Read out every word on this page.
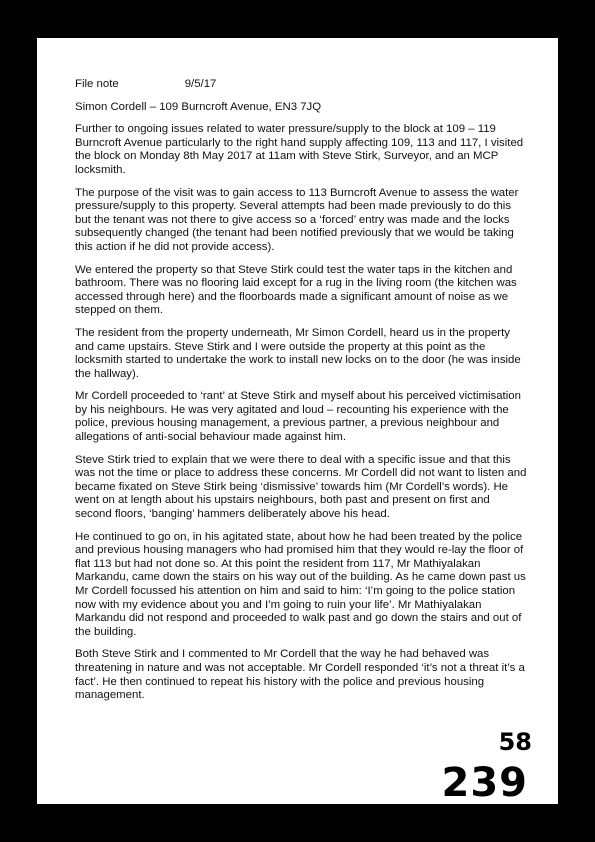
File note	9/5/17
Simon Cordell – 109 Burncroft Avenue, EN3 7JQ

Further to ongoing issues related to water pressure/supply to the block at 109 – 119 Burncroft Avenue particularly to the right hand supply affecting 109, 113 and 117, I visited the block on Monday 8th May 2017 at 11am with Steve Stirk, Surveyor, and an MCP locksmith.

The purpose of the visit was to gain access to 113 Burncroft Avenue to assess the water pressure/supply to this property. Several attempts had been made previously to do this but the tenant was not there to give access so a ‘forced’ entry was made and the locks subsequently changed (the tenant had been notified previously that we would be taking this action if he did not provide access).

We entered the property so that Steve Stirk could test the water taps in the kitchen and bathroom. There was no flooring laid except for a rug in the living room (the kitchen was accessed through here) and the floorboards made a significant amount of noise as we stepped on them.

The resident from the property underneath, Mr Simon Cordell, heard us in the property and came upstairs. Steve Stirk and I were outside the property at this point as the locksmith started to undertake the work to install new locks on to the door (he was inside the hallway).

Mr Cordell proceeded to ‘rant’ at Steve Stirk and myself about his perceived victimisation by his neighbours. He was very agitated and loud – recounting his experience with the police, previous housing management, a previous partner, a previous neighbour and allegations of anti-social behaviour made against him.

Steve Stirk tried to explain that we were there to deal with a specific issue and that this was not the time or place to address these concerns. Mr Cordell did not want to listen and became fixated on Steve Stirk being ‘dismissive’ towards him (Mr Cordell’s words). He went on at length about his upstairs neighbours, both past and present on first and second floors, ‘banging’ hammers deliberately above his head.

He continued to go on, in his agitated state, about how he had been treated by the police and previous housing managers who had promised him that they would re-lay the floor of flat 113 but had not done so. At this point the resident from 117, Mr Mathiyalakan Markandu, came down the stairs on his way out of the building. As he came down past us Mr Cordell focussed his attention on him and said to him: ‘I’m going to the police station now with my evidence about you and I’m going to ruin your life’. Mr Mathiyalakan Markandu did not respond and proceeded to walk past and go down the stairs and out of the building.

Both Steve Stirk and I commented to Mr Cordell that the way he had behaved was threatening in nature and was not acceptable. Mr Cordell responded ‘it’s not a threat it’s a fact’. He then continued to repeat his history with the police and previous housing management.

58
239
